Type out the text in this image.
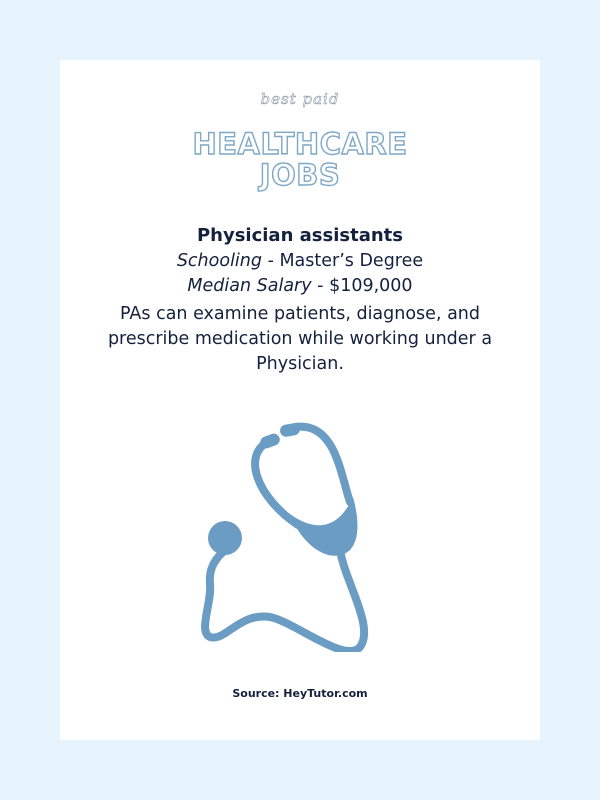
best paid
HEALTHCARE
JOBS
Physician assistants
Schooling - Master’s Degree
Median Salary - $109,000
PAs can examine patients, diagnose, and prescribe medication while working under a Physician.
Source: HeyTutor.com
